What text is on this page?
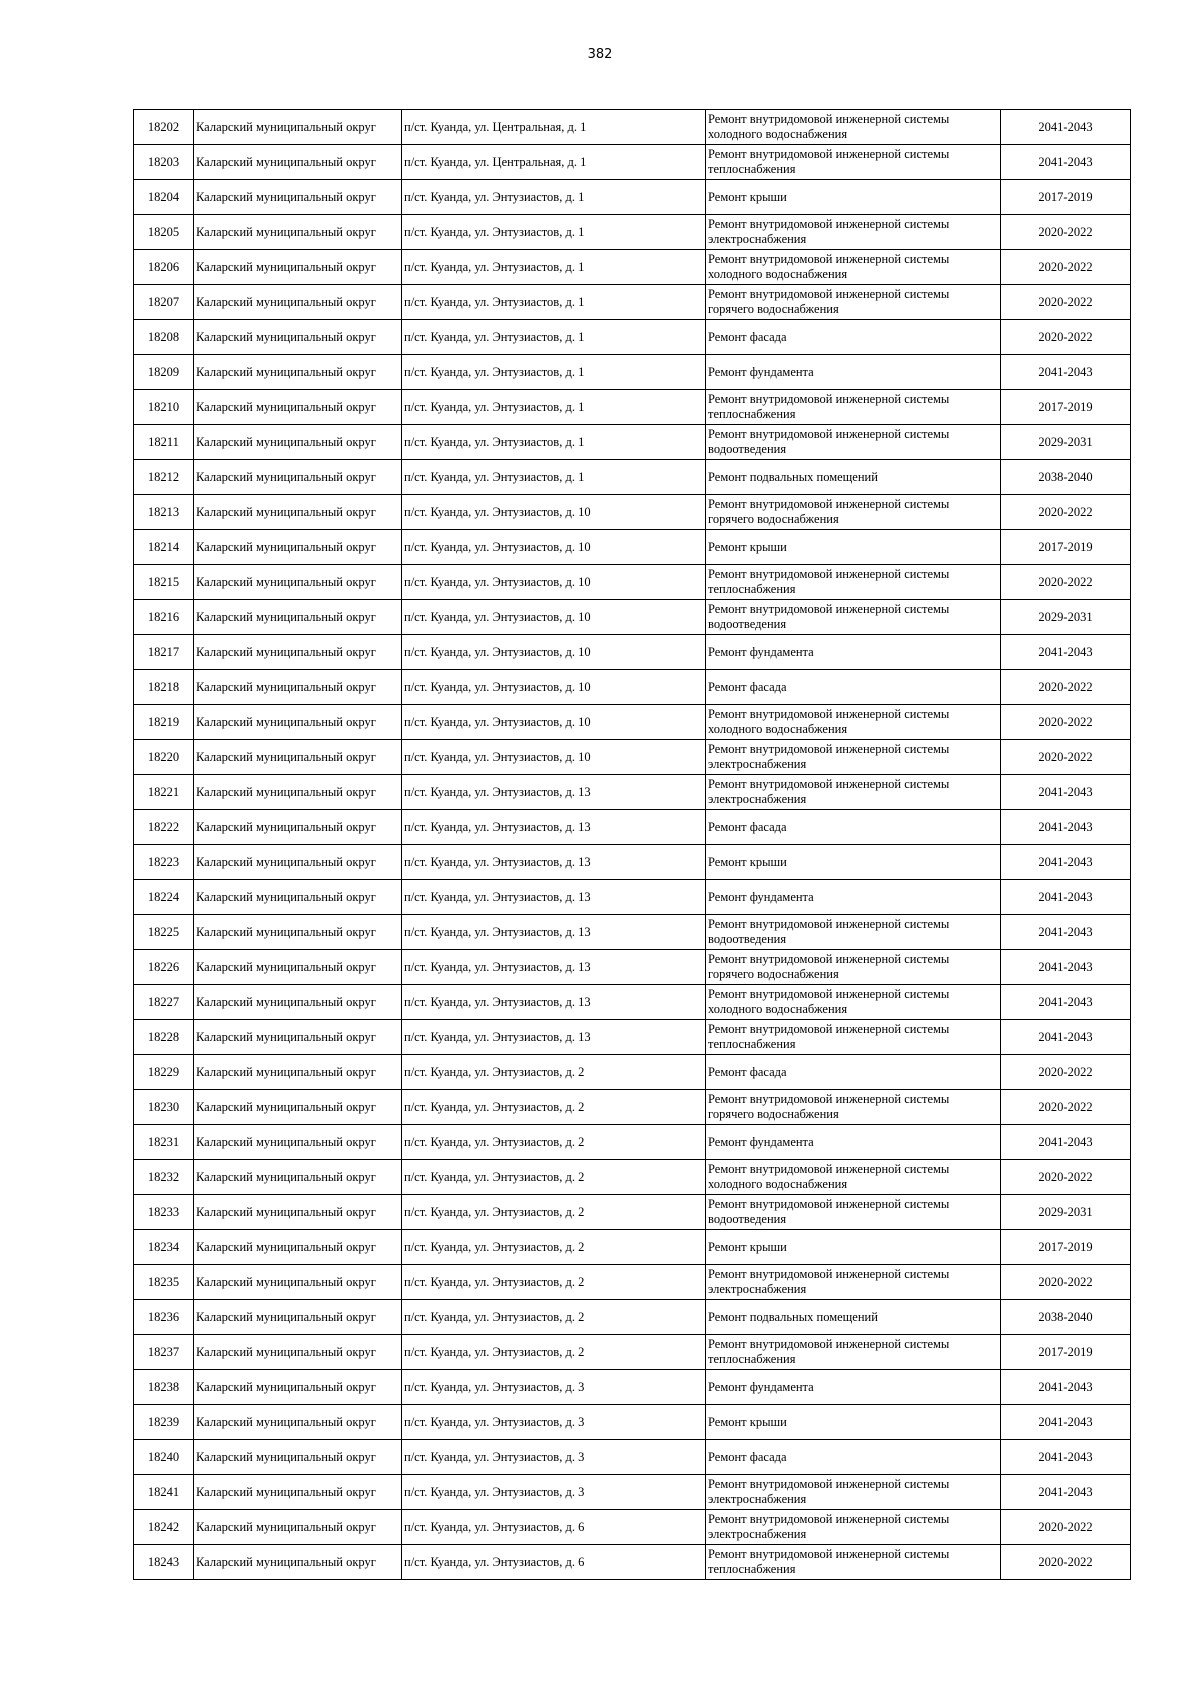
382
18202	Каларский муниципальный округ	п/ст. Куанда, ул. Центральная, д. 1	Ремонт внутридомовой инженерной системы холодного водоснабжения	2041-2043
18203	Каларский муниципальный округ	п/ст. Куанда, ул. Центральная, д. 1	Ремонт внутридомовой инженерной системы теплоснабжения	2041-2043
18204	Каларский муниципальный округ	п/ст. Куанда, ул. Энтузиастов, д. 1	Ремонт крыши	2017-2019
18205	Каларский муниципальный округ	п/ст. Куанда, ул. Энтузиастов, д. 1	Ремонт внутридомовой инженерной системы электроснабжения	2020-2022
18206	Каларский муниципальный округ	п/ст. Куанда, ул. Энтузиастов, д. 1	Ремонт внутридомовой инженерной системы холодного водоснабжения	2020-2022
18207	Каларский муниципальный округ	п/ст. Куанда, ул. Энтузиастов, д. 1	Ремонт внутридомовой инженерной системы горячего водоснабжения	2020-2022
18208	Каларский муниципальный округ	п/ст. Куанда, ул. Энтузиастов, д. 1	Ремонт фасада	2020-2022
18209	Каларский муниципальный округ	п/ст. Куанда, ул. Энтузиастов, д. 1	Ремонт фундамента	2041-2043
18210	Каларский муниципальный округ	п/ст. Куанда, ул. Энтузиастов, д. 1	Ремонт внутридомовой инженерной системы теплоснабжения	2017-2019
18211	Каларский муниципальный округ	п/ст. Куанда, ул. Энтузиастов, д. 1	Ремонт внутридомовой инженерной системы водоотведения	2029-2031
18212	Каларский муниципальный округ	п/ст. Куанда, ул. Энтузиастов, д. 1	Ремонт подвальных помещений	2038-2040
18213	Каларский муниципальный округ	п/ст. Куанда, ул. Энтузиастов, д. 10	Ремонт внутридомовой инженерной системы горячего водоснабжения	2020-2022
18214	Каларский муниципальный округ	п/ст. Куанда, ул. Энтузиастов, д. 10	Ремонт крыши	2017-2019
18215	Каларский муниципальный округ	п/ст. Куанда, ул. Энтузиастов, д. 10	Ремонт внутридомовой инженерной системы теплоснабжения	2020-2022
18216	Каларский муниципальный округ	п/ст. Куанда, ул. Энтузиастов, д. 10	Ремонт внутридомовой инженерной системы водоотведения	2029-2031
18217	Каларский муниципальный округ	п/ст. Куанда, ул. Энтузиастов, д. 10	Ремонт фундамента	2041-2043
18218	Каларский муниципальный округ	п/ст. Куанда, ул. Энтузиастов, д. 10	Ремонт фасада	2020-2022
18219	Каларский муниципальный округ	п/ст. Куанда, ул. Энтузиастов, д. 10	Ремонт внутридомовой инженерной системы холодного водоснабжения	2020-2022
18220	Каларский муниципальный округ	п/ст. Куанда, ул. Энтузиастов, д. 10	Ремонт внутридомовой инженерной системы электроснабжения	2020-2022
18221	Каларский муниципальный округ	п/ст. Куанда, ул. Энтузиастов, д. 13	Ремонт внутридомовой инженерной системы электроснабжения	2041-2043
18222	Каларский муниципальный округ	п/ст. Куанда, ул. Энтузиастов, д. 13	Ремонт фасада	2041-2043
18223	Каларский муниципальный округ	п/ст. Куанда, ул. Энтузиастов, д. 13	Ремонт крыши	2041-2043
18224	Каларский муниципальный округ	п/ст. Куанда, ул. Энтузиастов, д. 13	Ремонт фундамента	2041-2043
18225	Каларский муниципальный округ	п/ст. Куанда, ул. Энтузиастов, д. 13	Ремонт внутридомовой инженерной системы водоотведения	2041-2043
18226	Каларский муниципальный округ	п/ст. Куанда, ул. Энтузиастов, д. 13	Ремонт внутридомовой инженерной системы горячего водоснабжения	2041-2043
18227	Каларский муниципальный округ	п/ст. Куанда, ул. Энтузиастов, д. 13	Ремонт внутридомовой инженерной системы холодного водоснабжения	2041-2043
18228	Каларский муниципальный округ	п/ст. Куанда, ул. Энтузиастов, д. 13	Ремонт внутридомовой инженерной системы теплоснабжения	2041-2043
18229	Каларский муниципальный округ	п/ст. Куанда, ул. Энтузиастов, д. 2	Ремонт фасада	2020-2022
18230	Каларский муниципальный округ	п/ст. Куанда, ул. Энтузиастов, д. 2	Ремонт внутридомовой инженерной системы горячего водоснабжения	2020-2022
18231	Каларский муниципальный округ	п/ст. Куанда, ул. Энтузиастов, д. 2	Ремонт фундамента	2041-2043
18232	Каларский муниципальный округ	п/ст. Куанда, ул. Энтузиастов, д. 2	Ремонт внутридомовой инженерной системы холодного водоснабжения	2020-2022
18233	Каларский муниципальный округ	п/ст. Куанда, ул. Энтузиастов, д. 2	Ремонт внутридомовой инженерной системы водоотведения	2029-2031
18234	Каларский муниципальный округ	п/ст. Куанда, ул. Энтузиастов, д. 2	Ремонт крыши	2017-2019
18235	Каларский муниципальный округ	п/ст. Куанда, ул. Энтузиастов, д. 2	Ремонт внутридомовой инженерной системы электроснабжения	2020-2022
18236	Каларский муниципальный округ	п/ст. Куанда, ул. Энтузиастов, д. 2	Ремонт подвальных помещений	2038-2040
18237	Каларский муниципальный округ	п/ст. Куанда, ул. Энтузиастов, д. 2	Ремонт внутридомовой инженерной системы теплоснабжения	2017-2019
18238	Каларский муниципальный округ	п/ст. Куанда, ул. Энтузиастов, д. 3	Ремонт фундамента	2041-2043
18239	Каларский муниципальный округ	п/ст. Куанда, ул. Энтузиастов, д. 3	Ремонт крыши	2041-2043
18240	Каларский муниципальный округ	п/ст. Куанда, ул. Энтузиастов, д. 3	Ремонт фасада	2041-2043
18241	Каларский муниципальный округ	п/ст. Куанда, ул. Энтузиастов, д. 3	Ремонт внутридомовой инженерной системы электроснабжения	2041-2043
18242	Каларский муниципальный округ	п/ст. Куанда, ул. Энтузиастов, д. 6	Ремонт внутридомовой инженерной системы электроснабжения	2020-2022
18243	Каларский муниципальный округ	п/ст. Куанда, ул. Энтузиастов, д. 6	Ремонт внутридомовой инженерной системы теплоснабжения	2020-2022
